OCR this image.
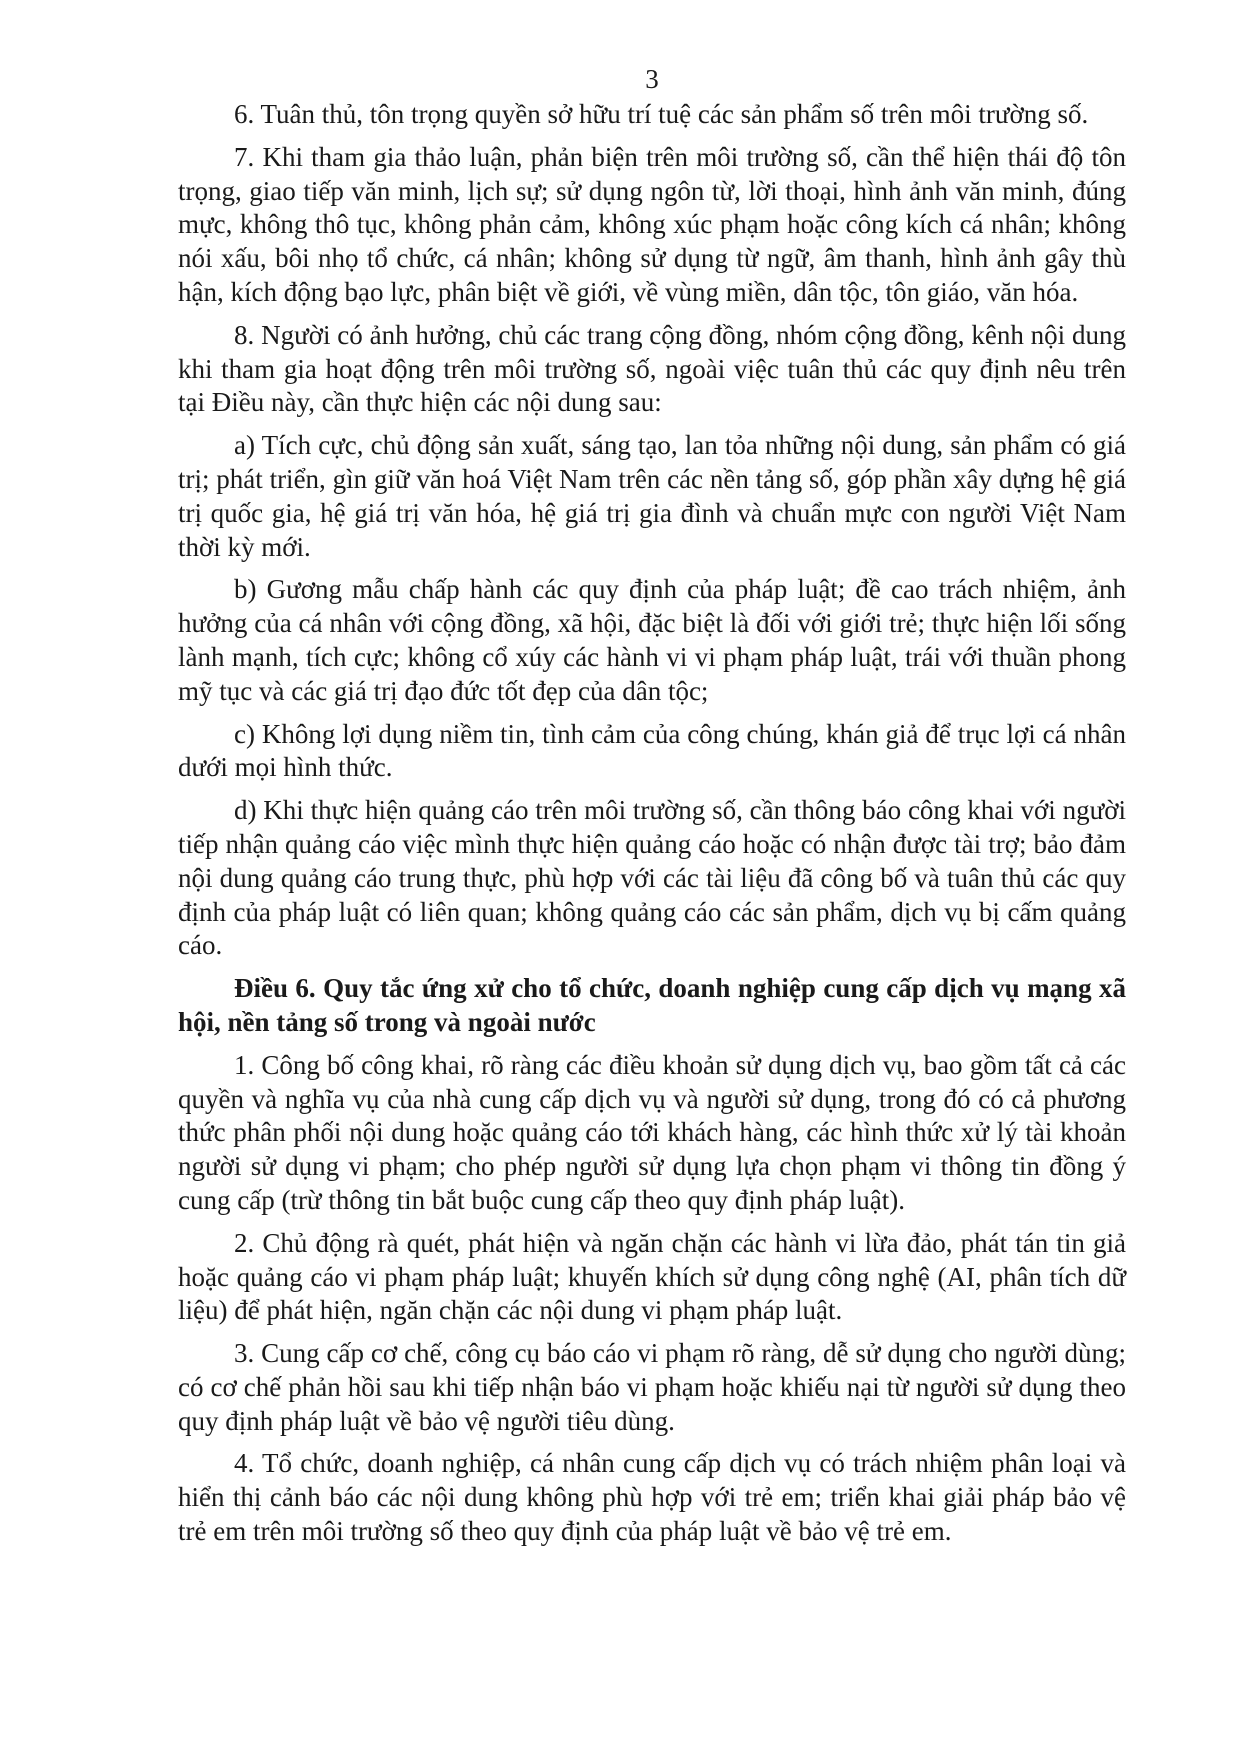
3

6. Tuân thủ, tôn trọng quyền sở hữu trí tuệ các sản phẩm số trên môi trường số.

7. Khi tham gia thảo luận, phản biện trên môi trường số, cần thể hiện thái độ tôn trọng, giao tiếp văn minh, lịch sự; sử dụng ngôn từ, lời thoại, hình ảnh văn minh, đúng mực, không thô tục, không phản cảm, không xúc phạm hoặc công kích cá nhân; không nói xấu, bôi nhọ tổ chức, cá nhân; không sử dụng từ ngữ, âm thanh, hình ảnh gây thù hận, kích động bạo lực, phân biệt về giới, về vùng miền, dân tộc, tôn giáo, văn hóa.

8. Người có ảnh hưởng, chủ các trang cộng đồng, nhóm cộng đồng, kênh nội dung khi tham gia hoạt động trên môi trường số, ngoài việc tuân thủ các quy định nêu trên tại Điều này, cần thực hiện các nội dung sau:

a) Tích cực, chủ động sản xuất, sáng tạo, lan tỏa những nội dung, sản phẩm có giá trị; phát triển, gìn giữ văn hoá Việt Nam trên các nền tảng số, góp phần xây dựng hệ giá trị quốc gia, hệ giá trị văn hóa, hệ giá trị gia đình và chuẩn mực con người Việt Nam thời kỳ mới.

b) Gương mẫu chấp hành các quy định của pháp luật; đề cao trách nhiệm, ảnh hưởng của cá nhân với cộng đồng, xã hội, đặc biệt là đối với giới trẻ; thực hiện lối sống lành mạnh, tích cực; không cổ xúy các hành vi vi phạm pháp luật, trái với thuần phong mỹ tục và các giá trị đạo đức tốt đẹp của dân tộc;

c) Không lợi dụng niềm tin, tình cảm của công chúng, khán giả để trục lợi cá nhân dưới mọi hình thức.

d) Khi thực hiện quảng cáo trên môi trường số, cần thông báo công khai với người tiếp nhận quảng cáo việc mình thực hiện quảng cáo hoặc có nhận được tài trợ; bảo đảm nội dung quảng cáo trung thực, phù hợp với các tài liệu đã công bố và tuân thủ các quy định của pháp luật có liên quan; không quảng cáo các sản phẩm, dịch vụ bị cấm quảng cáo.

Điều 6. Quy tắc ứng xử cho tổ chức, doanh nghiệp cung cấp dịch vụ mạng xã hội, nền tảng số trong và ngoài nước

1. Công bố công khai, rõ ràng các điều khoản sử dụng dịch vụ, bao gồm tất cả các quyền và nghĩa vụ của nhà cung cấp dịch vụ và người sử dụng, trong đó có cả phương thức phân phối nội dung hoặc quảng cáo tới khách hàng, các hình thức xử lý tài khoản người sử dụng vi phạm; cho phép người sử dụng lựa chọn phạm vi thông tin đồng ý cung cấp (trừ thông tin bắt buộc cung cấp theo quy định pháp luật).

2. Chủ động rà quét, phát hiện và ngăn chặn các hành vi lừa đảo, phát tán tin giả hoặc quảng cáo vi phạm pháp luật; khuyến khích sử dụng công nghệ (AI, phân tích dữ liệu) để phát hiện, ngăn chặn các nội dung vi phạm pháp luật.

3. Cung cấp cơ chế, công cụ báo cáo vi phạm rõ ràng, dễ sử dụng cho người dùng; có cơ chế phản hồi sau khi tiếp nhận báo vi phạm hoặc khiếu nại từ người sử dụng theo quy định pháp luật về bảo vệ người tiêu dùng.

4. Tổ chức, doanh nghiệp, cá nhân cung cấp dịch vụ có trách nhiệm phân loại và hiển thị cảnh báo các nội dung không phù hợp với trẻ em; triển khai giải pháp bảo vệ trẻ em trên môi trường số theo quy định của pháp luật về bảo vệ trẻ em.
